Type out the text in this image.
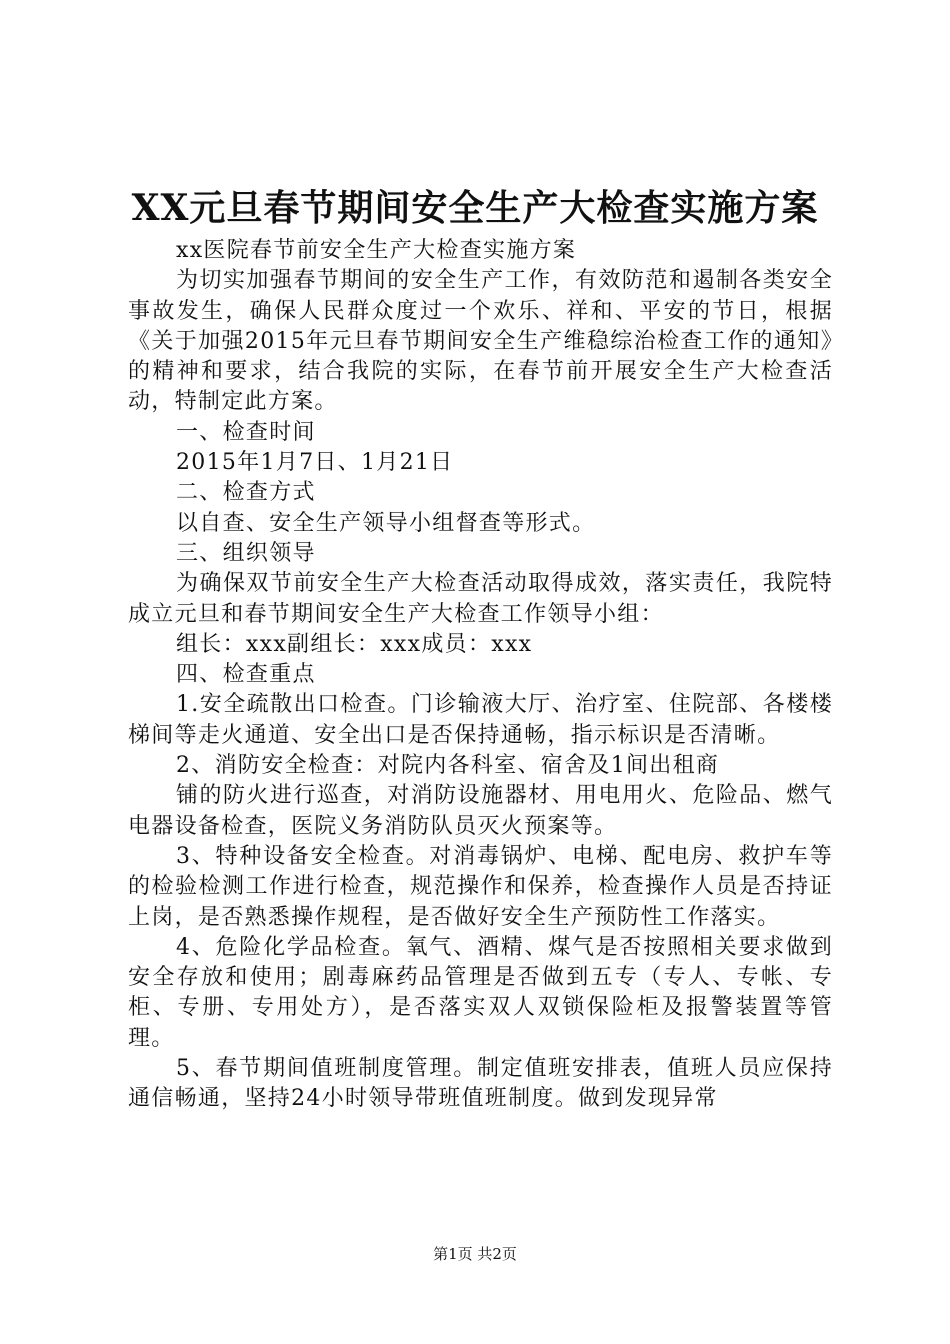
XX元旦春节期间安全生产大检查实施方案

xx医院春节前安全生产大检查实施方案

为切实加强春节期间的安全生产工作，有效防范和遏制各类安全事故发生，确保人民群众度过一个欢乐、祥和、平安的节日，根据《关于加强2015年元旦春节期间安全生产维稳综治检查工作的通知》的精神和要求，结合我院的实际，在春节前开展安全生产大检查活动，特制定此方案。

一、检查时间

2015年1月7日、1月21日

二、检查方式

以自查、安全生产领导小组督查等形式。

三、组织领导

为确保双节前安全生产大检查活动取得成效，落实责任，我院特成立元旦和春节期间安全生产大检查工作领导小组：

组长：xxx副组长：xxx成员：xxx

四、检查重点

1.安全疏散出口检查。门诊输液大厅、治疗室、住院部、各楼楼梯间等走火通道、安全出口是否保持通畅，指示标识是否清晰。

2、消防安全检查：对院内各科室、宿舍及1间出租商

铺的防火进行巡查，对消防设施器材、用电用火、危险品、燃气电器设备检查，医院义务消防队员灭火预案等。

3、特种设备安全检查。对消毒锅炉、电梯、配电房、救护车等的检验检测工作进行检查，规范操作和保养，检查操作人员是否持证上岗，是否熟悉操作规程，是否做好安全生产预防性工作落实。

4、危险化学品检查。氧气、酒精、煤气是否按照相关要求做到安全存放和使用；剧毒麻药品管理是否做到五专（专人、专帐、专柜、专册、专用处方），是否落实双人双锁保险柜及报警装置等管理。

5、春节期间值班制度管理。制定值班安排表，值班人员应保持通信畅通，坚持24小时领导带班值班制度。做到发现异常

第1页 共2页
